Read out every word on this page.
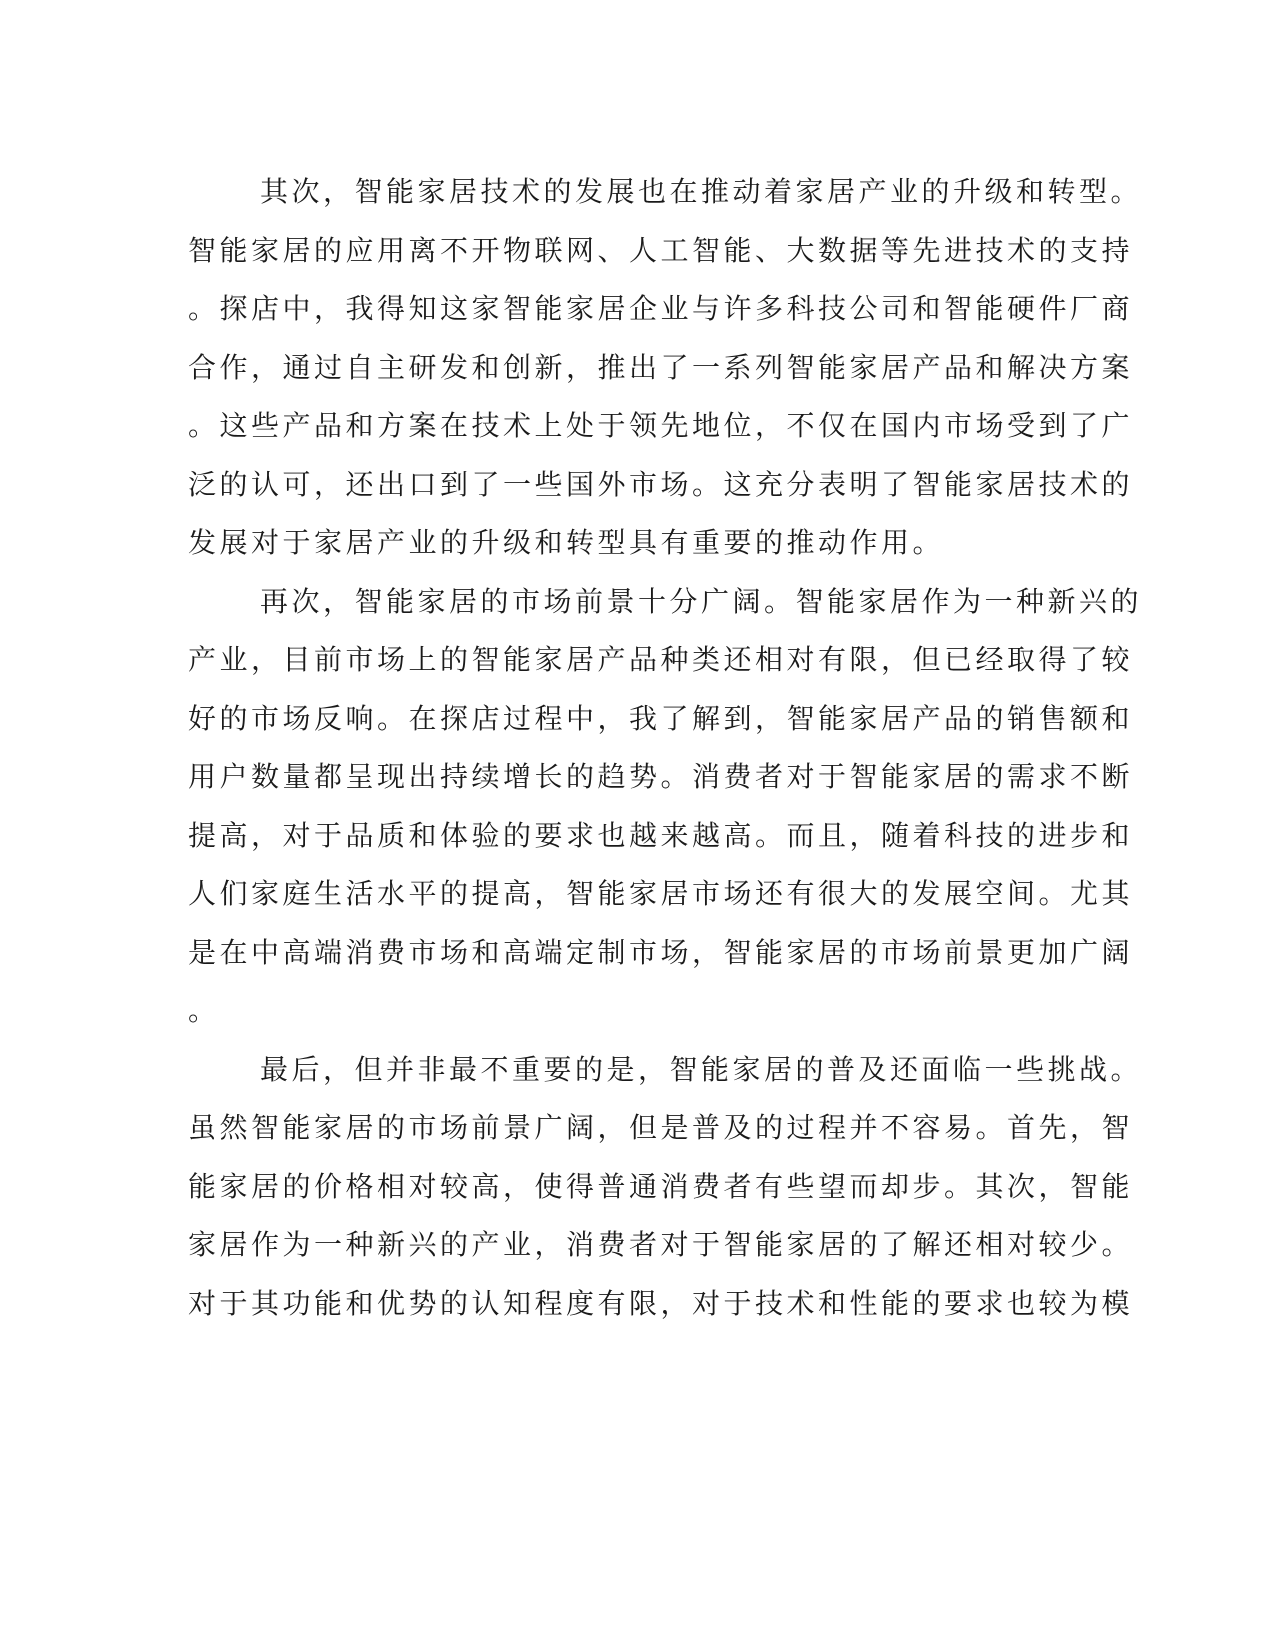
其次，智能家居技术的发展也在推动着家居产业的升级和转型。
智能家居的应用离不开物联网、人工智能、大数据等先进技术的支持
。探店中，我得知这家智能家居企业与许多科技公司和智能硬件厂商
合作，通过自主研发和创新，推出了一系列智能家居产品和解决方案
。这些产品和方案在技术上处于领先地位，不仅在国内市场受到了广
泛的认可，还出口到了一些国外市场。这充分表明了智能家居技术的
发展对于家居产业的升级和转型具有重要的推动作用。
再次，智能家居的市场前景十分广阔。智能家居作为一种新兴的
产业，目前市场上的智能家居产品种类还相对有限，但已经取得了较
好的市场反响。在探店过程中，我了解到，智能家居产品的销售额和
用户数量都呈现出持续增长的趋势。消费者对于智能家居的需求不断
提高，对于品质和体验的要求也越来越高。而且，随着科技的进步和
人们家庭生活水平的提高，智能家居市场还有很大的发展空间。尤其
是在中高端消费市场和高端定制市场，智能家居的市场前景更加广阔
。
最后，但并非最不重要的是，智能家居的普及还面临一些挑战。
虽然智能家居的市场前景广阔，但是普及的过程并不容易。首先，智
能家居的价格相对较高，使得普通消费者有些望而却步。其次，智能
家居作为一种新兴的产业，消费者对于智能家居的了解还相对较少。
对于其功能和优势的认知程度有限，对于技术和性能的要求也较为模
